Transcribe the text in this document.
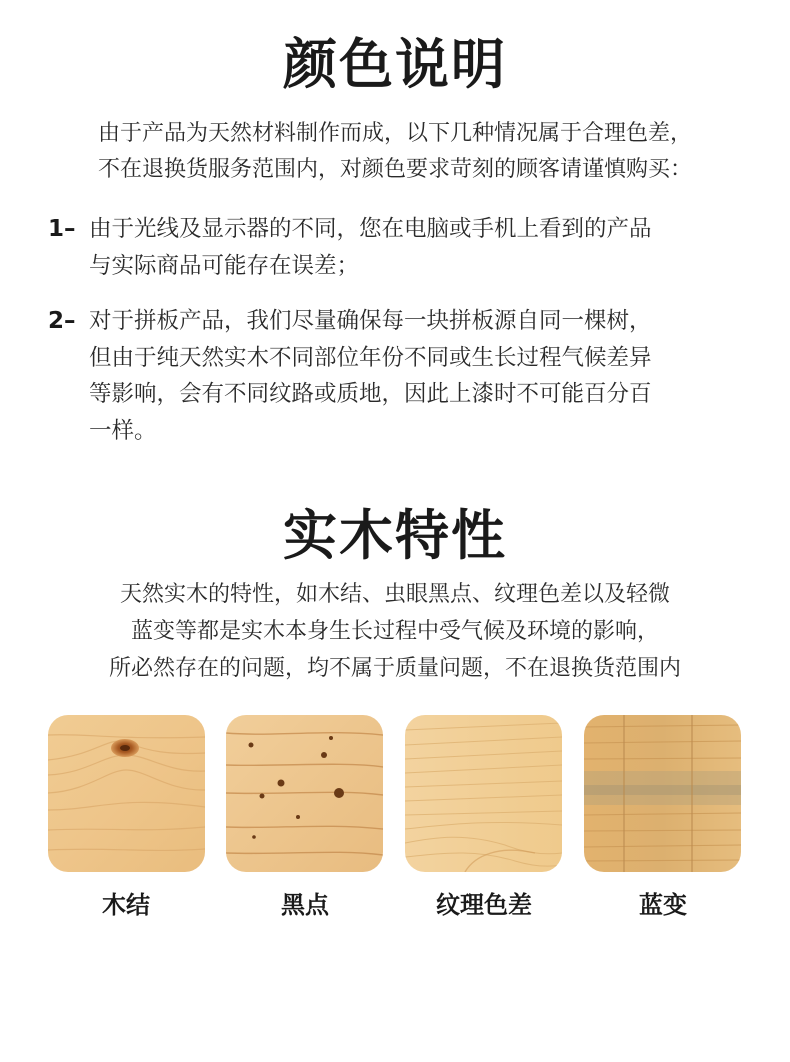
颜色说明
由于产品为天然材料制作而成，以下几种情况属于合理色差，
不在退换货服务范围内，对颜色要求苛刻的顾客请谨慎购买：
1– 由于光线及显示器的不同，您在电脑或手机上看到的产品
与实际商品可能存在误差；
2– 对于拼板产品，我们尽量确保每一块拼板源自同一棵树，
但由于纯天然实木不同部位年份不同或生长过程气候差异
等影响，会有不同纹路或质地，因此上漆时不可能百分百
一样。
实木特性
天然实木的特性，如木结、虫眼黑点、纹理色差以及轻微
蓝变等都是实木本身生长过程中受气候及环境的影响，
所必然存在的问题，均不属于质量问题，不在退换货范围内
木结	黑点	纹理色差	蓝变
